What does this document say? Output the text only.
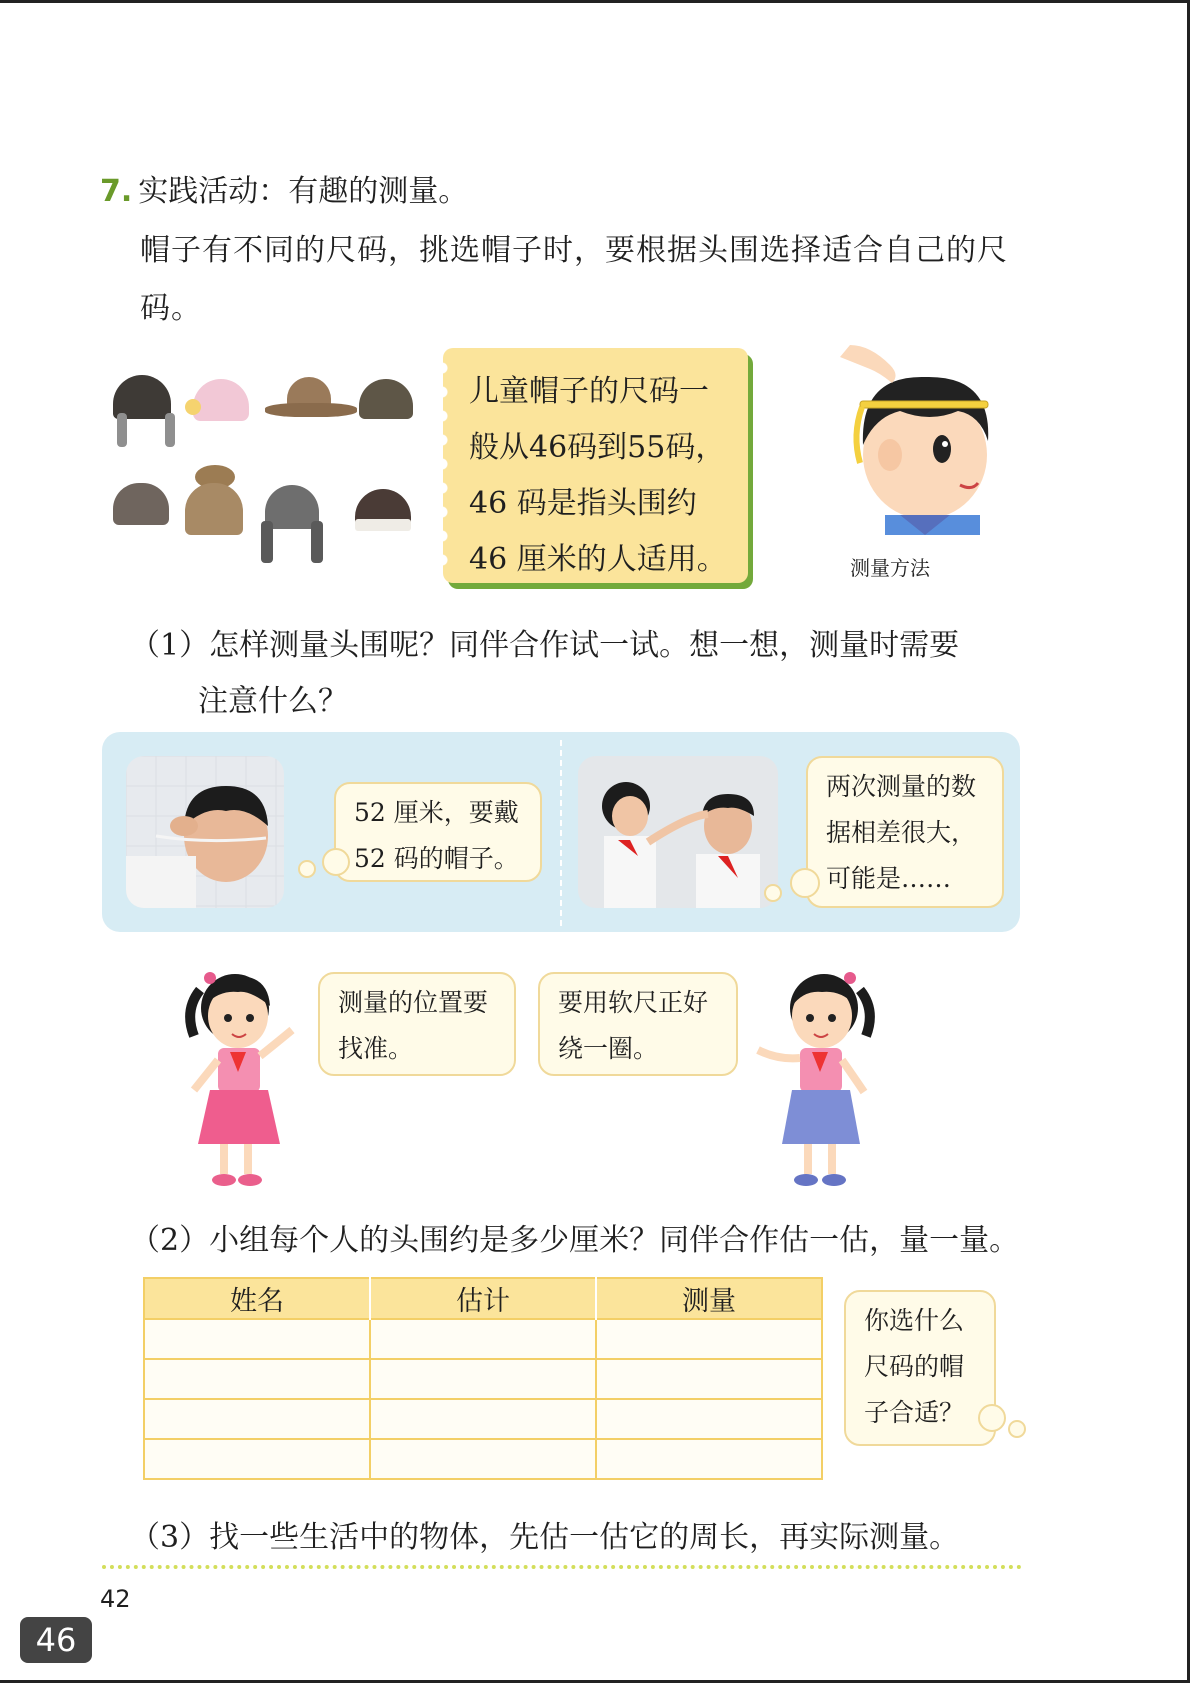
7. 实践活动：有趣的测量。
帽子有不同的尺码，挑选帽子时，要根据头围选择适合自己的尺码。
儿童帽子的尺码一
般从46码到55码，
46 码是指头围约
46 厘米的人适用。	测量方法
（1）怎样测量头围呢？同伴合作试一试。想一想，测量时需要
注意什么？
52 厘米，要戴
52 码的帽子。
两次测量的数
据相差很大，
可能是……
测量的位置要
找准。
要用软尺正好
绕一圈。
（2）小组每个人的头围约是多少厘米？同伴合作估一估，量一量。
姓名	估计	测量

你选什么
尺码的帽
子合适？
（3）找一些生活中的物体，先估一估它的周长，再实际测量。
42
46
